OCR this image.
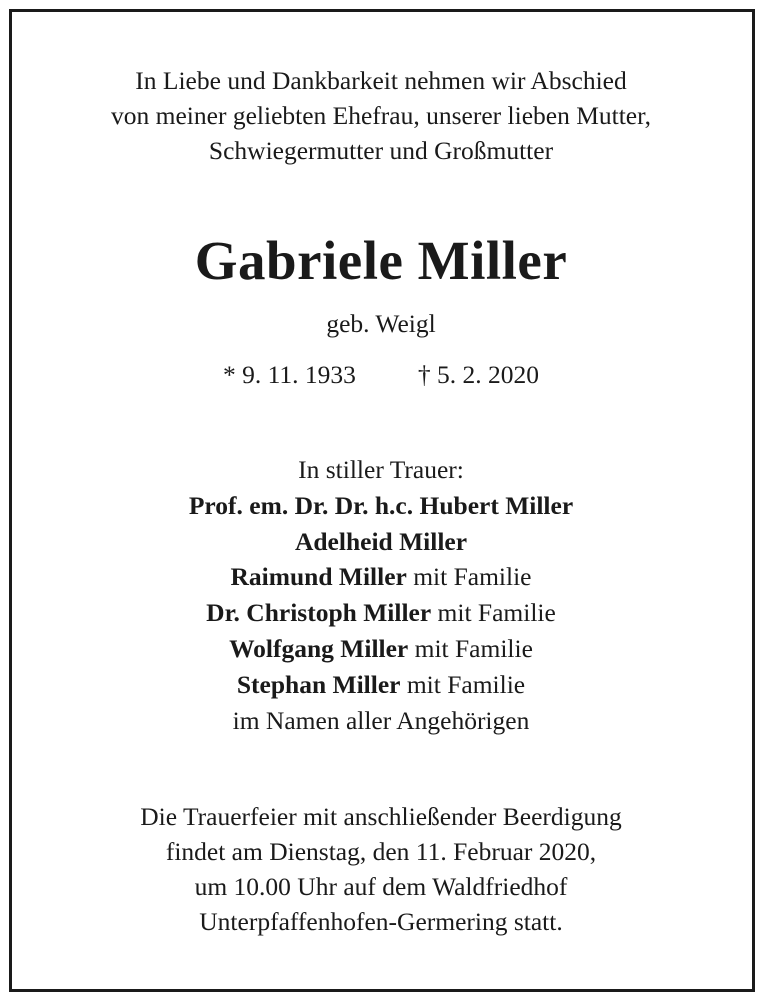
In Liebe und Dankbarkeit nehmen wir Abschied
von meiner geliebten Ehefrau, unserer lieben Mutter,
Schwiegermutter und Großmutter
Gabriele Miller
geb. Weigl
* 9. 11. 1933 † 5. 2. 2020
In stiller Trauer:
Prof. em. Dr. Dr. h.c. Hubert Miller
Adelheid Miller
Raimund Miller mit Familie
Dr. Christoph Miller mit Familie
Wolfgang Miller mit Familie
Stephan Miller mit Familie
im Namen aller Angehörigen
Die Trauerfeier mit anschließender Beerdigung
findet am Dienstag, den 11. Februar 2020,
um 10.00 Uhr auf dem Waldfriedhof
Unterpfaffenhofen-Germering statt.
